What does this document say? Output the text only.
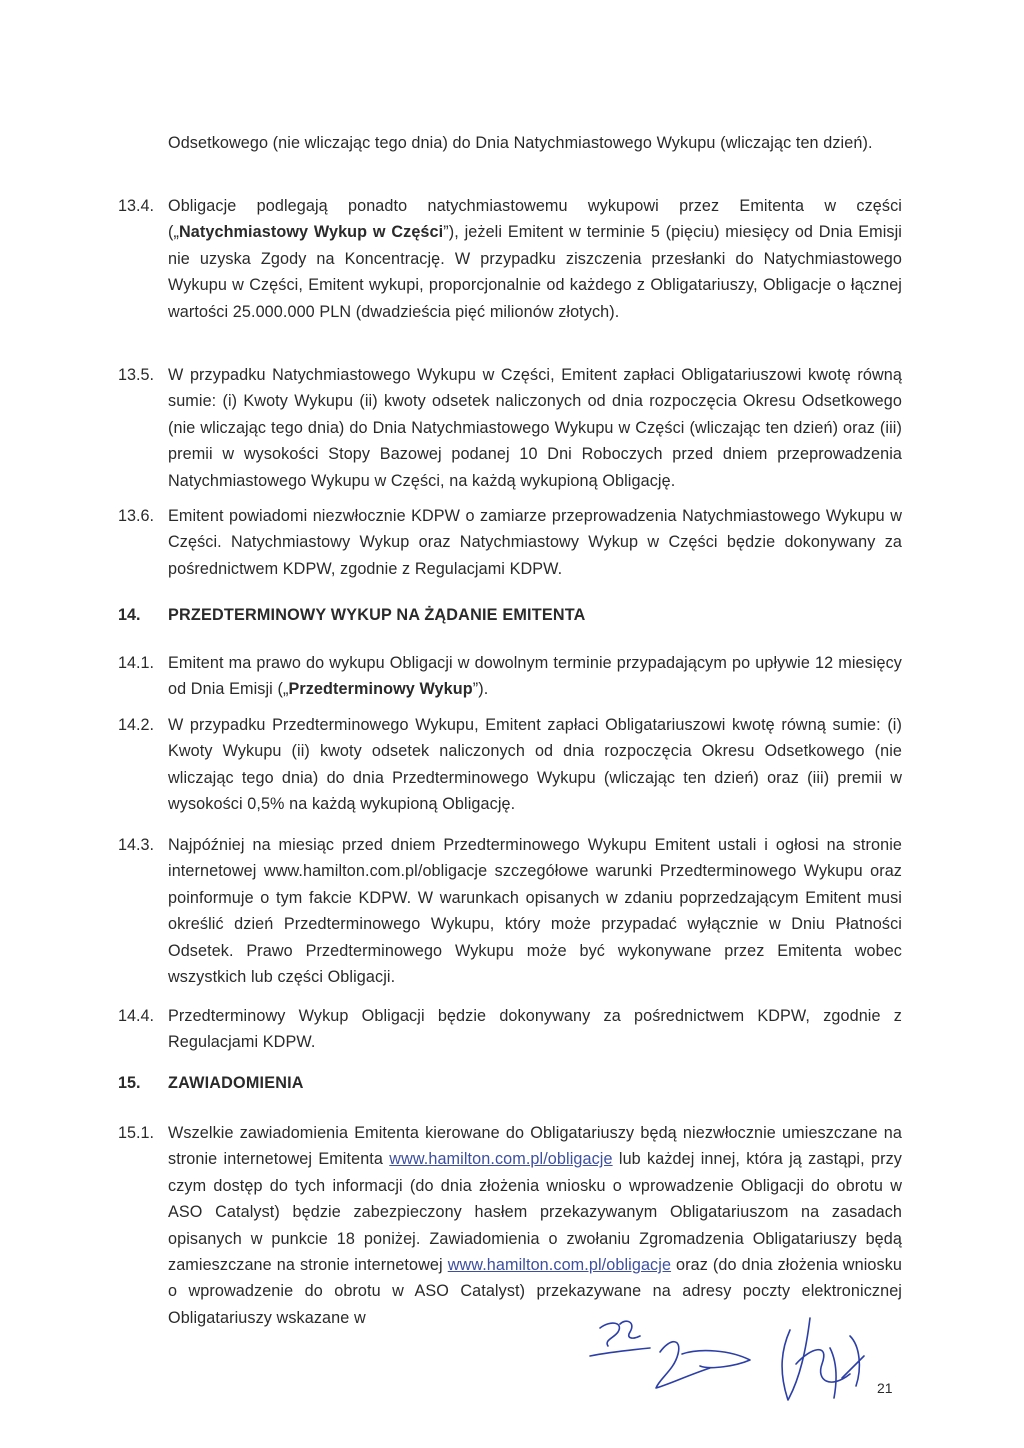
Odsetkowego (nie wliczając tego dnia) do Dnia Natychmiastowego Wykupu (wliczając ten dzień).
13.4. Obligacje podlegają ponadto natychmiastowemu wykupowi przez Emitenta w części („Natychmiastowy Wykup w Części”), jeżeli Emitent w terminie 5 (pięciu) miesięcy od Dnia Emisji nie uzyska Zgody na Koncentrację. W przypadku ziszczenia przesłanki do Natychmiastowego Wykupu w Części, Emitent wykupi, proporcjonalnie od każdego z Obligatariuszy, Obligacje o łącznej wartości 25.000.000 PLN (dwadzieścia pięć milionów złotych).
13.5. W przypadku Natychmiastowego Wykupu w Części, Emitent zapłaci Obligatariuszowi kwotę równą sumie: (i) Kwoty Wykupu (ii) kwoty odsetek naliczonych od dnia rozpoczęcia Okresu Odsetkowego (nie wliczając tego dnia) do Dnia Natychmiastowego Wykupu w Części (wliczając ten dzień) oraz (iii) premii w wysokości Stopy Bazowej podanej 10 Dni Roboczych przed dniem przeprowadzenia Natychmiastowego Wykupu w Części, na każdą wykupioną Obligację.
13.6. Emitent powiadomi niezwłocznie KDPW o zamiarze przeprowadzenia Natychmiastowego Wykupu w Części. Natychmiastowy Wykup oraz Natychmiastowy Wykup w Części będzie dokonywany za pośrednictwem KDPW, zgodnie z Regulacjami KDPW.
14. PRZEDTERMINOWY WYKUP NA ŻĄDANIE EMITENTA
14.1. Emitent ma prawo do wykupu Obligacji w dowolnym terminie przypadającym po upływie 12 miesięcy od Dnia Emisji („Przedterminowy Wykup”).
14.2. W przypadku Przedterminowego Wykupu, Emitent zapłaci Obligatariuszowi kwotę równą sumie: (i) Kwoty Wykupu (ii) kwoty odsetek naliczonych od dnia rozpoczęcia Okresu Odsetkowego (nie wliczając tego dnia) do dnia Przedterminowego Wykupu (wliczając ten dzień) oraz (iii) premii w wysokości 0,5% na każdą wykupioną Obligację.
14.3. Najpóźniej na miesiąc przed dniem Przedterminowego Wykupu Emitent ustali i ogłosi na stronie internetowej www.hamilton.com.pl/obligacje szczegółowe warunki Przedterminowego Wykupu oraz poinformuje o tym fakcie KDPW. W warunkach opisanych w zdaniu poprzedzającym Emitent musi określić dzień Przedterminowego Wykupu, który może przypadać wyłącznie w Dniu Płatności Odsetek. Prawo Przedterminowego Wykupu może być wykonywane przez Emitenta wobec wszystkich lub części Obligacji.
14.4. Przedterminowy Wykup Obligacji będzie dokonywany za pośrednictwem KDPW, zgodnie z Regulacjami KDPW.
15. ZAWIADOMIENIA
15.1. Wszelkie zawiadomienia Emitenta kierowane do Obligatariuszy będą niezwłocznie umieszczane na stronie internetowej Emitenta www.hamilton.com.pl/obligacje lub każdej innej, która ją zastąpi, przy czym dostęp do tych informacji (do dnia złożenia wniosku o wprowadzenie Obligacji do obrotu w ASO Catalyst) będzie zabezpieczony hasłem przekazywanym Obligatariuszom na zasadach opisanych w punkcie 18 poniżej. Zawiadomienia o zwołaniu Zgromadzenia Obligatariuszy będą zamieszczane na stronie internetowej www.hamilton.com.pl/obligacje oraz (do dnia złożenia wniosku o wprowadzenie do obrotu w ASO Catalyst) przekazywane na adresy poczty elektronicznej Obligatariuszy wskazane w
21
